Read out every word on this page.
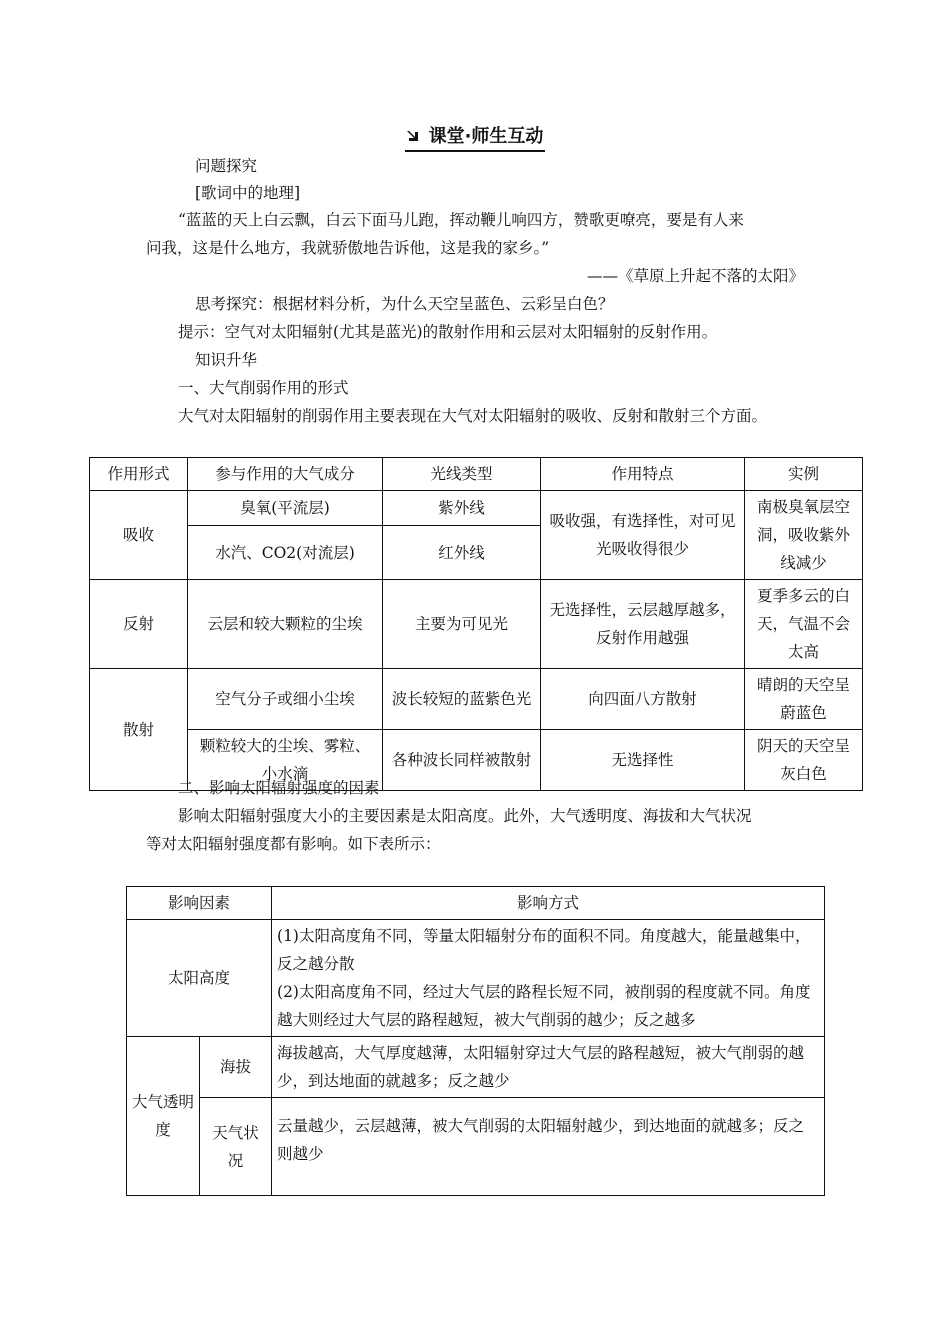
课堂·师生互动
问题探究
[歌词中的地理]
“蓝蓝的天上白云飘，白云下面马儿跑，挥动鞭儿响四方，赞歌更嘹亮，要是有人来
问我，这是什么地方，我就骄傲地告诉他，这是我的家乡。”
——《草原上升起不落的太阳》
思考探究：根据材料分析，为什么天空呈蓝色、云彩呈白色？
提示：空气对太阳辐射(尤其是蓝光)的散射作用和云层对太阳辐射的反射作用。
知识升华
一、大气削弱作用的形式
大气对太阳辐射的削弱作用主要表现在大气对太阳辐射的吸收、反射和散射三个方面。
作用形式	参与作用的大气成分	光线类型	作用特点	实例
吸收	臭氧(平流层)	紫外线	吸收强，有选择性，对可见光吸收得很少	南极臭氧层空洞，吸收紫外线减少
	水汽、CO2(对流层)	红外线		
反射	云层和较大颗粒的尘埃	主要为可见光	无选择性，云层越厚越多，反射作用越强	夏季多云的白天，气温不会太高
散射	空气分子或细小尘埃	波长较短的蓝紫色光	向四面八方散射	晴朗的天空呈蔚蓝色
	颗粒较大的尘埃、雾粒、小水滴	各种波长同样被散射	无选择性	阴天的天空呈灰白色
二、影响太阳辐射强度的因素
影响太阳辐射强度大小的主要因素是太阳高度。此外，大气透明度、海拔和大气状况
等对太阳辐射强度都有影响。如下表所示：
影响因素		影响方式
太阳高度		(1)太阳高度角不同，等量太阳辐射分布的面积不同。角度越大，能量越集中，反之越分散
(2)太阳高度角不同，经过大气层的路程长短不同，被削弱的程度就不同。角度越大则经过大气层的路程越短，被大气削弱的越少；反之越多

大气透明度	海拔	海拔越高，大气厚度越薄，太阳辐射穿过大气层的路程越短，被大气削弱的越少，到达地面的就越多；反之越少
	天气状况	云量越少，云层越薄，被大气削弱的太阳辐射越少，到达地面的就越多；反之则越少
